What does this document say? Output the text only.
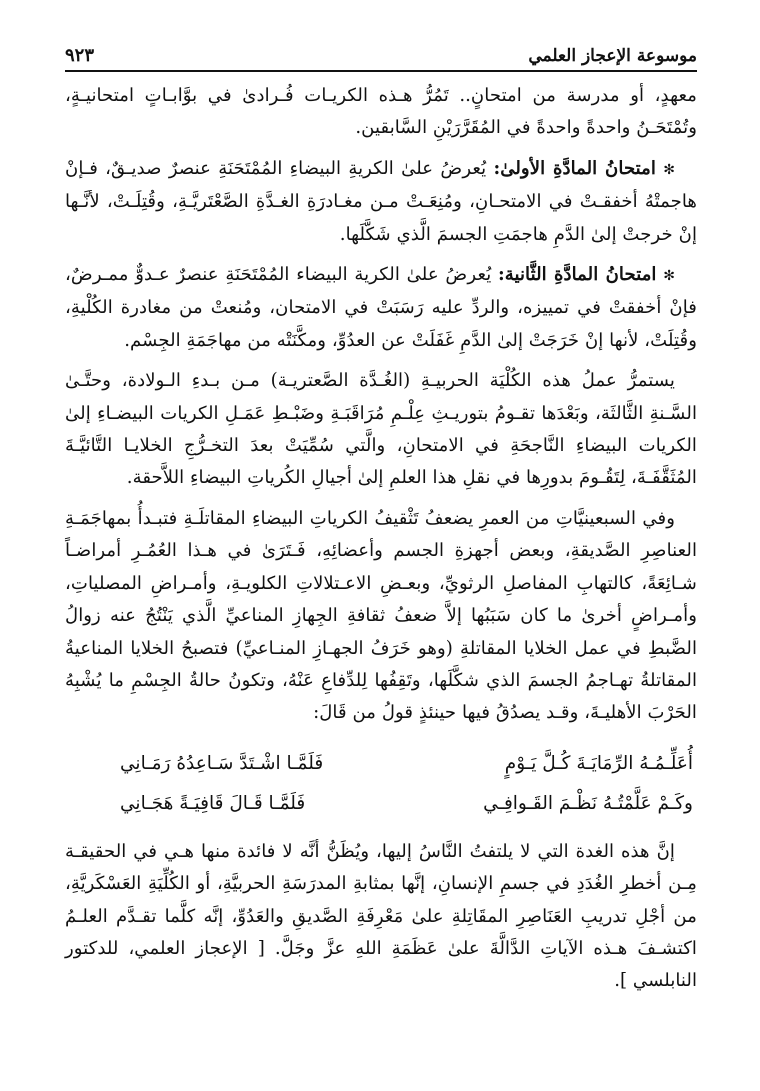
موسوعة الإعجاز العلمي
٩٢٣

معهدٍ، أو مدرسة من امتحانٍ.. تَمُرُّ هـذه الكريـات فُـرادىٰ في بوَّابـاتٍ امتحانيـةٍ، وتُمْتَحَـنُ واحدةً واحدةً في المُقَرَّرَيْنِ السَّابقين.

✻ امتحانُ المادَّةِ الأولىٰ: يُعرضُ علىٰ الكريةِ البيضاءِ المُمْتَحَنَةِ عنصرٌ صديـقٌ، فـإنْ هاجمتْهُ أخفقـتْ في الامتحـانِ، ومُنِعَـتْ مـن مغـادرَةِ الغـدَّةِ الصَّعْتَريَّـةِ، وقُتِلَـتْ، لأنَّـها إنْ خرجتْ إلىٰ الدَّمِ هاجمَتِ الجسمَ الَّذي شَكَّلَها.

✻ امتحانُ المادَّةِ الثَّانية: يُعرضُ علىٰ الكرية البيضاء المُمْتَحَنَةِ عنصرٌ عـدوٌّ ممـرضٌ، فإنْ أخفقتْ في تمييزه، والردِّ عليه رَسَبَتْ في الامتحان، ومُنعتْ من مغادرة الكُلْيةِ، وقُتِلَتْ، لأنها إنْ خَرَجَتْ إلىٰ الدَّمِ غَفَلَتْ عن العدُوِّ، ومكَّنَتْه من مهاجَمَةِ الجِسْم.

يستمرُّ عملُ هذه الكُلْيَة الحربيـةِ (الغُـدَّة الصَّعتريـة) مـن بـدءِ الـولادة، وحتَّـىٰ السَّـنةِ الثَّالثَة، وبَعْدَها تقـومُ بتوريـثِ عِلْـمِ مُرَاقَبَـةِ وضَبْـطِ عَمَـلِ الكريات البيضـاءِ إلىٰ الكريات البيضاءِ النَّاجحَةِ في الامتحانِ، والَّتي سُمِّيَتْ بعدَ التخـرُّجِ الخلايـا التَّائيَّـةَ المُثَقَّفَـةَ، لِتَقُـومَ بدورِها في نقلِ هذا العلمِ إلىٰ أجيالِ الكُرياتِ البيضاءِ اللاَّحقة.

وفي السبعينيَّاتِ من العمرِ يضعفُ تَثْقيفُ الكرياتِ البيضاءِ المقاتلَـةِ فتبـدأُ بمهاجَمَـةِ العناصِرِ الصَّديقةِ، وبعض أجهزةِ الجسم وأعضائِهِ، فَـتَرَىٰ في هـذا العُمُـرِ أمراضـاً شـائِعَةً، كالتهابِ المفاصلِ الرثويِّ، وبعـضِ الاعـتلالاتِ الكلويـةِ، وأمـراضِ المصلياتِ، وأمـراضٍ أخرىٰ ما كان سَبَبُها إلاَّ ضعفُ ثقافةِ الجِهازِ المناعيِّ الَّذي يَنْتُجُ عنه زوالُ الضَّبطِ في عمل الخلايا المقاتلةِ (وهو خَرَفُ الجهـازِ المنـاعيِّ) فتصبحُ الخلايا المناعيةُ المقاتلةُ تهـاجمُ الجسمَ الذي شكَّلَها، وتَقِفُها لِلدِّفاعِ عَنْهُ، وتكونُ حالةُ الجِسْمِ ما يُشْبِهُ الحَرْبَ الأهليـةَ، وقـد يصدُقُ فيها حينئذٍ قولُ من قَالَ:

أُعَلِّـمُـهُ الرِّمَايَـةَ كُـلَّ يَـوْمٍ
فَلَمَّـا اشْـتَدَّ سَـاعِدُهُ رَمَـانِي
وكَـمْ عَلَّمْتُـهُ نَظْـمَ القَـوافِـي
فَلَمَّـا قَـالَ قَافِيَـةً هَجَـانِي

إنَّ هذه الغدة التي لا يلتفتُ النَّاسُ إليها، ويُظَنُّ أنَّه لا فائدة منها هـي في الحقيقـة مِـن أخطرِ الغُدَدِ في جسمِ الإنسانِ، إنَّها بمثابةِ المدرَسَةِ الحربيَّةِ، أو الكُلِّيَةِ العَسْكَريَّةِ، من أجْلِ تدريبِ العَنَاصِرِ المقَاتِلةِ علىٰ مَعْرِفَةِ الصَّديقِ والعَدُوِّ، إنَّه كلَّما تقـدَّم العلـمُ اكتشـفَ هـذه الآياتِ الدَّالَّةَ علىٰ عَظَمَةِ اللهِ عزَّ وجَلَّ. [ الإعجاز العلمي، للدكتور النابلسي ].
